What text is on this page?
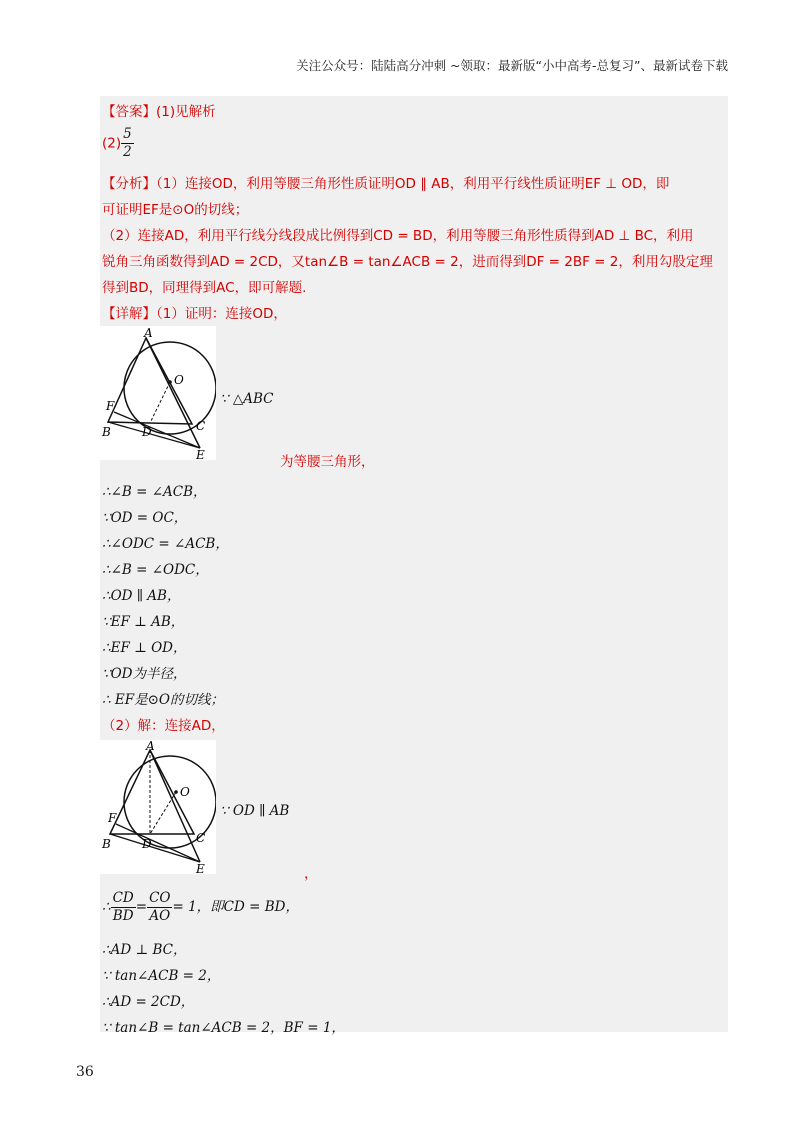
关注公众号：陆陆高分冲刺 ~领取：最新版“小中高考-总复习”、最新试卷下载
【答案】(1)见解析
$(2) \frac{5}{2}$
【分析】（1）连接OD，利用等腰三角形性质证明OD ∥ AB，利用平行线性质证明EF ⊥ OD，即
可证明EF是⊙O的切线；
（2）连接AD，利用平行线分线段成比例得到CD = BD，利用等腰三角形性质得到AD ⊥ BC，利用
锐角三角函数得到AD = 2CD，又tan∠B = tan∠ACB = 2，进而得到DF = 2BF = 2，利用勾股定理
得到BD，同理得到AC，即可解题.
【详解】（1）证明：连接OD，
A
O
F
B	D	C
E
∵ △ABC
为等腰三角形，
∴∠B = ∠ACB，
∵OD = OC，
∴∠ODC = ∠ACB，
∴∠B = ∠ODC，
∴OD ∥ AB，
∵EF ⊥ AB，
∴EF ⊥ OD，
∵OD为半径，
∴ EF是⊙O的切线；
（2）解：连接AD，
A
O
F
B	D	C
E
∵ OD ∥ AB
，
∴ $\frac{CD}{BD} = \frac{CO}{AO} = 1$，即CD = BD，
∴AD ⊥ BC，
∵ tan∠ACB = 2，
∴AD = 2CD，
∵ tan∠B = tan∠ACB = 2，BF = 1，
36
